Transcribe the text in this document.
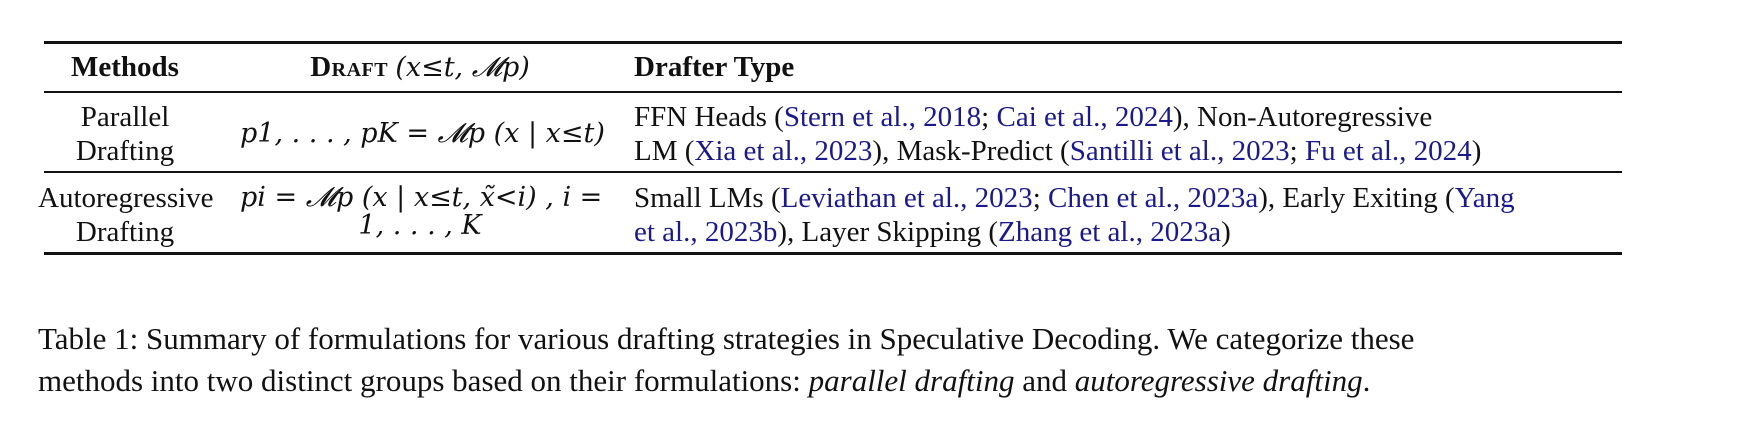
Methods	Draft (x≤t, 𝓜p)	Drafter Type
Parallel
Drafting
p1, . . . , pK = 𝓜p (x | x≤t)
FFN Heads (Stern et al., 2018; Cai et al., 2024), Non-Autoregressive
LM (Xia et al., 2023), Mask-Predict (Santilli et al., 2023; Fu et al., 2024)
Autoregressive
Drafting
pi = 𝓜p (x | x≤t, x̃<i) , i =
1, . . . , K
Small LMs (Leviathan et al., 2023; Chen et al., 2023a), Early Exiting (Yang
et al., 2023b), Layer Skipping (Zhang et al., 2023a)
Table 1: Summary of formulations for various drafting strategies in Speculative Decoding. We categorize these
methods into two distinct groups based on their formulations: parallel drafting and autoregressive drafting.
